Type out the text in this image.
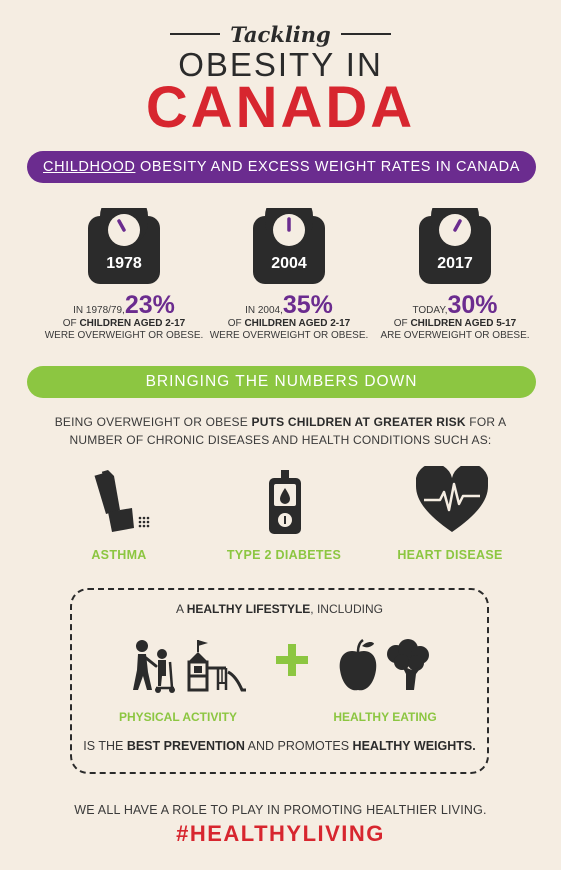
Tackling
OBESITY IN
CANADA
CHILDHOOD OBESITY AND EXCESS WEIGHT RATES IN CANADA
1978	2004	2017
IN 1978/79,23%
OF CHILDREN AGED 2-17
WERE OVERWEIGHT OR OBESE.
IN 2004,35%
OF CHILDREN AGED 2-17
WERE OVERWEIGHT OR OBESE.
TODAY,30%
OF CHILDREN AGED 5-17
ARE OVERWEIGHT OR OBESE.
BRINGING THE NUMBERS DOWN
BEING OVERWEIGHT OR OBESE PUTS CHILDREN AT GREATER RISK FOR A
NUMBER OF CHRONIC DISEASES AND HEALTH CONDITIONS SUCH AS:
ASTHMA	TYPE 2 DIABETES	HEART DISEASE
A HEALTHY LIFESTYLE, INCLUDING
PHYSICAL ACTIVITY	HEALTHY EATING
IS THE BEST PREVENTION AND PROMOTES HEALTHY WEIGHTS.
WE ALL HAVE A ROLE TO PLAY IN PROMOTING HEALTHIER LIVING.
#HEALTHYLIVING
